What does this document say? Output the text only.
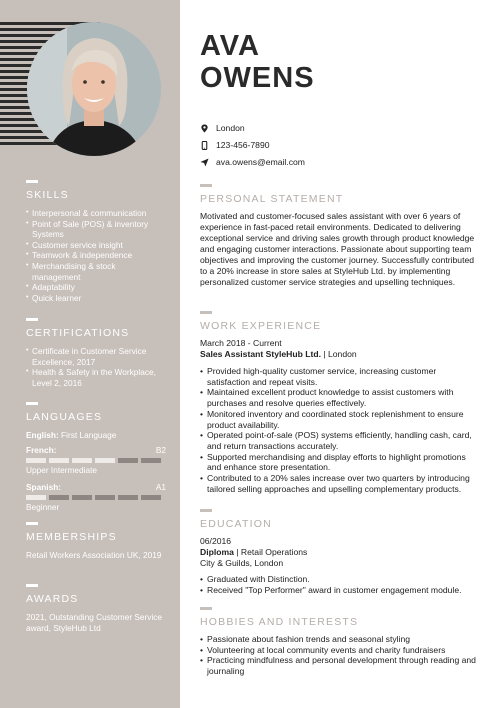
SKILLS
• Interpersonal & communication
• Point of Sale (POS) & inventory Systems
• Customer service insight
• Teamwork & independence
• Merchandising & stock management
• Adaptability
• Quick learner
CERTIFICATIONS
• Certificate in Customer Service Excellence, 2017
• Health & Safety in the Workplace, Level 2, 2016
LANGUAGES
English: First Language
French:	B2
Upper Intermediate
Spanish:	A1
Beginner
MEMBERSHIPS
Retail Workers Association UK, 2019
AWARDS
2021, Outstanding Customer Service award, StyleHub Ltd
AVA
OWENS
London
123-456-7890
ava.owens@email.com
PERSONAL STATEMENT

Motivated and customer-focused sales assistant with over 6 years of experience in fast-paced retail environments. Dedicated to delivering exceptional service and driving sales growth through product knowledge and engaging customer interactions. Passionate about supporting team objectives and improving the customer journey. Successfully contributed to a 20% increase in store sales at StyleHub Ltd. by implementing personalized customer service strategies and upselling techniques.

WORK EXPERIENCE
March 2018 - Current
Sales Assistant StyleHub Ltd. | London
• Provided high-quality customer service, increasing customer satisfaction and repeat visits.
• Maintained excellent product knowledge to assist customers with purchases and resolve queries effectively.
• Monitored inventory and coordinated stock replenishment to ensure product availability.
• Operated point-of-sale (POS) systems efficiently, handling cash, card, and return transactions accurately.
• Supported merchandising and display efforts to highlight promotions and enhance store presentation.
• Contributed to a 20% sales increase over two quarters by introducing tailored selling approaches and upselling complementary products.
EDUCATION
06/2016
Diploma | Retail Operations
City & Guilds, London
• Graduated with Distinction.
• Received "Top Performer" award in customer engagement module.
HOBBIES AND INTERESTS
• Passionate about fashion trends and seasonal styling
• Volunteering at local community events and charity fundraisers
• Practicing mindfulness and personal development through reading and journaling
